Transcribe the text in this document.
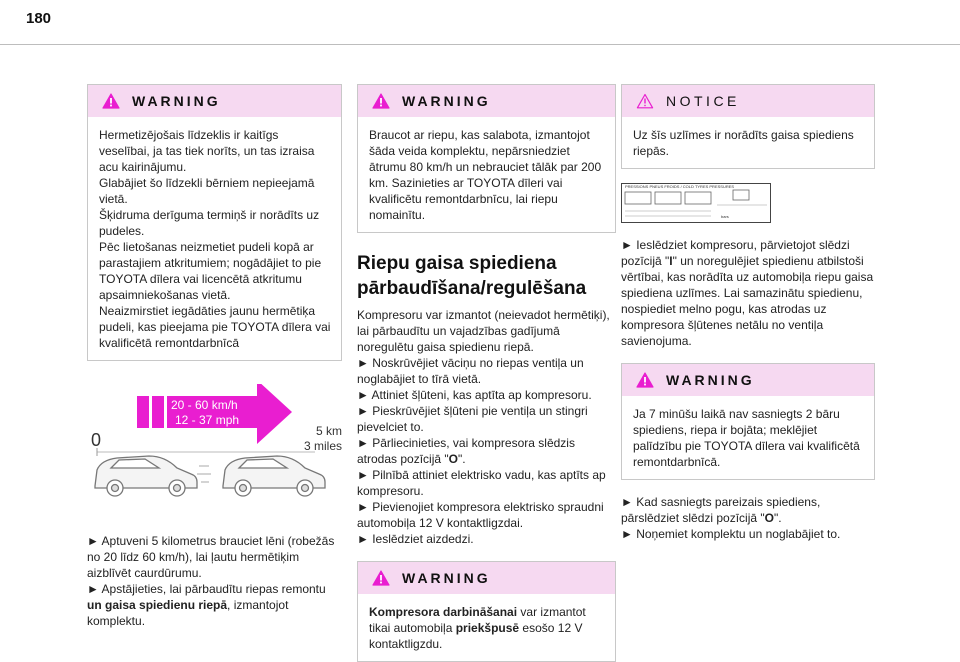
180
WARNING

Hermetizējošais līdzeklis ir kaitīgs veselībai, ja tas tiek norīts, un tas izraisa acu kairinājumu.
Glabājiet šo līdzekli bērniem nepieejamā vietā.
Šķidruma derīguma termiņš ir norādīts uz pudeles.
Pēc lietošanas neizmetiet pudeli kopā ar parastajiem atkritumiem; nogādājiet to pie TOYOTA dīlera vai licencētā atkritumu apsaimniekošanas vietā.
Neaizmirstiet iegādāties jaunu hermētiķa pudeli, kas pieejama pie TOYOTA dīlera vai kvalificētā remontdarbnīcā

20 - 60 km/h
12 - 37 mph
0	5 km
3 miles

► Aptuveni 5 kilometrus brauciet lēni (robežās no 20 līdz 60 km/h), lai ļautu hermētiķim aizblīvēt caurdūrumu.

► Apstājieties, lai pārbaudītu riepas remontu un gaisa spiedienu riepā, izmantojot komplektu.

WARNING

Braucot ar riepu, kas salabota, izmantojot šāda veida komplektu, nepārsniedziet ātrumu 80 km/h un nebrauciet tālāk par 200 km. Sazinieties ar TOYOTA dīleri vai kvalificētu remontdarbnīcu, lai riepu nomainītu.

Riepu gaisa spiediena pārbaudīšana/regulēšana

Kompresoru var izmantot (neievadot hermētiķi), lai pārbaudītu un vajadzības gadījumā noregulētu gaisa spiedienu riepā.

► Noskrūvējiet vāciņu no riepas ventiļa un noglabājiet to tīrā vietā.

► Attiniet šļūteni, kas aptīta ap kompresoru.

► Pieskrūvējiet šļūteni pie ventiļa un stingri pievelciet to.

► Pārliecinieties, vai kompresora slēdzis atrodas pozīcijā "O".

► Pilnībā attiniet elektrisko vadu, kas aptīts ap kompresoru.

► Pievienojiet kompresora elektrisko spraudni automobiļa 12 V kontaktligzdai.

► Ieslēdziet aizdedzi.

WARNING

Kompresora darbināšanai var izmantot tikai automobiļa priekšpusē esošo 12 V kontaktligzdu.

NOTICE

Uz šīs uzlīmes ir norādīts gaisa spiediens riepās.

PRESSIONS PNEUS FROIDS / COLD TYRES PRESSURES
bars

► Ieslēdziet kompresoru, pārvietojot slēdzi pozīcijā "I" un noregulējiet spiedienu atbilstoši vērtībai, kas norādīta uz automobiļa riepu gaisa spiediena uzlīmes. Lai samazinātu spiedienu, nospiediet melno pogu, kas atrodas uz kompresora šļūtenes netālu no ventiļa savienojuma.

WARNING

Ja 7 minūšu laikā nav sasniegts 2 bāru spiediens, riepa ir bojāta; meklējiet palīdzību pie TOYOTA dīlera vai kvalificētā remontdarbnīcā.

► Kad sasniegts pareizais spiediens, pārslēdziet slēdzi pozīcijā "O".

► Noņemiet komplektu un noglabājiet to.
